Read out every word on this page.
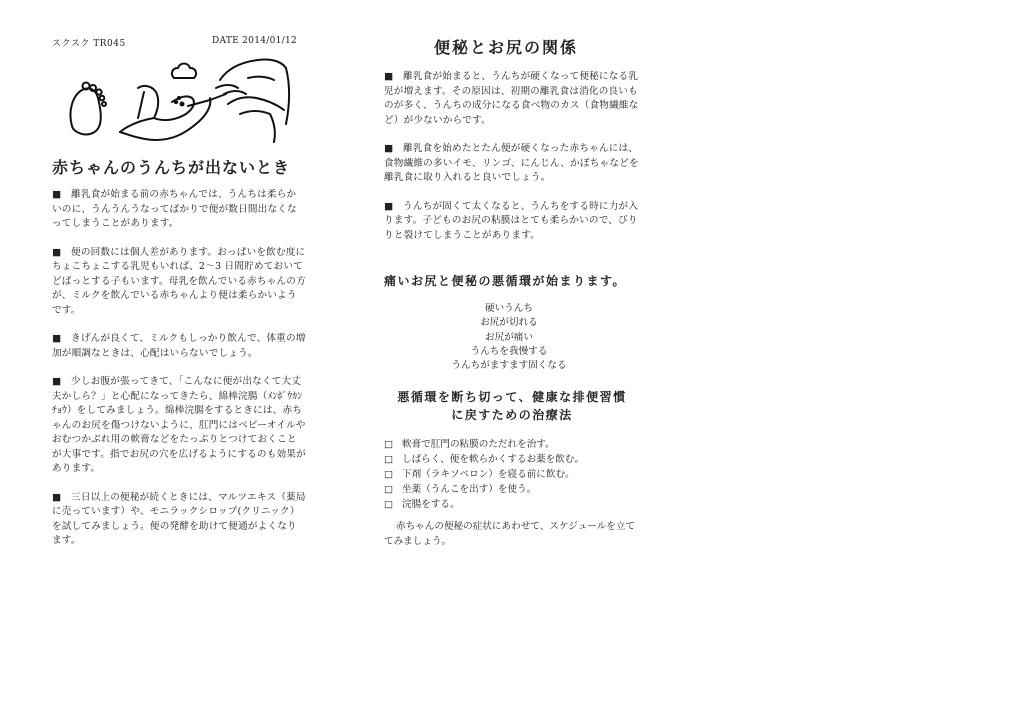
スクスク TR045	DATE 2014/01/12
赤ちゃんのうんちが出ないとき

■　離乳食が始まる前の赤ちゃんでは、うんちは柔らかいのに、うんうんうなってばかりで便が数日間出なくなってしまうことがあります。

■　便の回数には個人差があります。おっぱいを飲む度にちょこちょこする乳児もいれば、2〜3 日間貯めておいてどばっとする子もいます。母乳を飲んでいる赤ちゃんの方が、ミルクを飲んでいる赤ちゃんより便は柔らかいようです。

■　きげんが良くて、ミルクもしっかり飲んで、体重の増加が順調なときは、心配はいらないでしょう。

■　少しお腹が張ってきて、「こんなに便が出なくて大丈夫かしら？」と心配になってきたら、綿棒浣腸（ﾒﾝﾎﾞｳｶﾝﾁｮｳ）をしてみましょう。綿棒浣腸をするときには、赤ちゃんのお尻を傷つけないように、肛門にはベビーオイルやおむつかぶれ用の軟膏などをたっぷりとつけておくことが大事です。指でお尻の穴を広げるようにするのも効果があります。

■　三日以上の便秘が続くときには、マルツエキス（薬局に売っています）や、モニラックシロップ(クリニック）を試してみましょう。便の発酵を助けて便通がよくなります。

便秘とお尻の関係

■　離乳食が始まると、うんちが硬くなって便秘になる乳児が増えます。その原因は、初期の離乳食は消化の良いものが多く、うんちの成分になる食べ物のカス（食物繊維など）が少ないからです。

■　離乳食を始めたとたん便が硬くなった赤ちゃんには、食物繊維の多いイモ、リンゴ、にんじん、かぼちゃなどを離乳食に取り入れると良いでしょう。

■　うんちが固くて太くなると、うんちをする時に力が入ります。子どものお尻の粘膜はとても柔らかいので、びりりと裂けてしまうことがあります。

痛いお尻と便秘の悪循環が始まります。
硬いうんち
お尻が切れる
お尻が痛い
うんちを我慢する
うんちがますます固くなる
悪循環を断ち切って、健康な排便習慣
に戻すための治療法
□ 軟膏で肛門の粘膜のただれを治す。
□ しばらく、便を軟らかくするお薬を飲む。
□ 下剤（ラキソベロン）を寝る前に飲む。
□ 坐薬（うんこを出す）を使う。
□ 浣腸をする。
赤ちゃんの便秘の症状にあわせて、スケジュールを立ててみましょう。
